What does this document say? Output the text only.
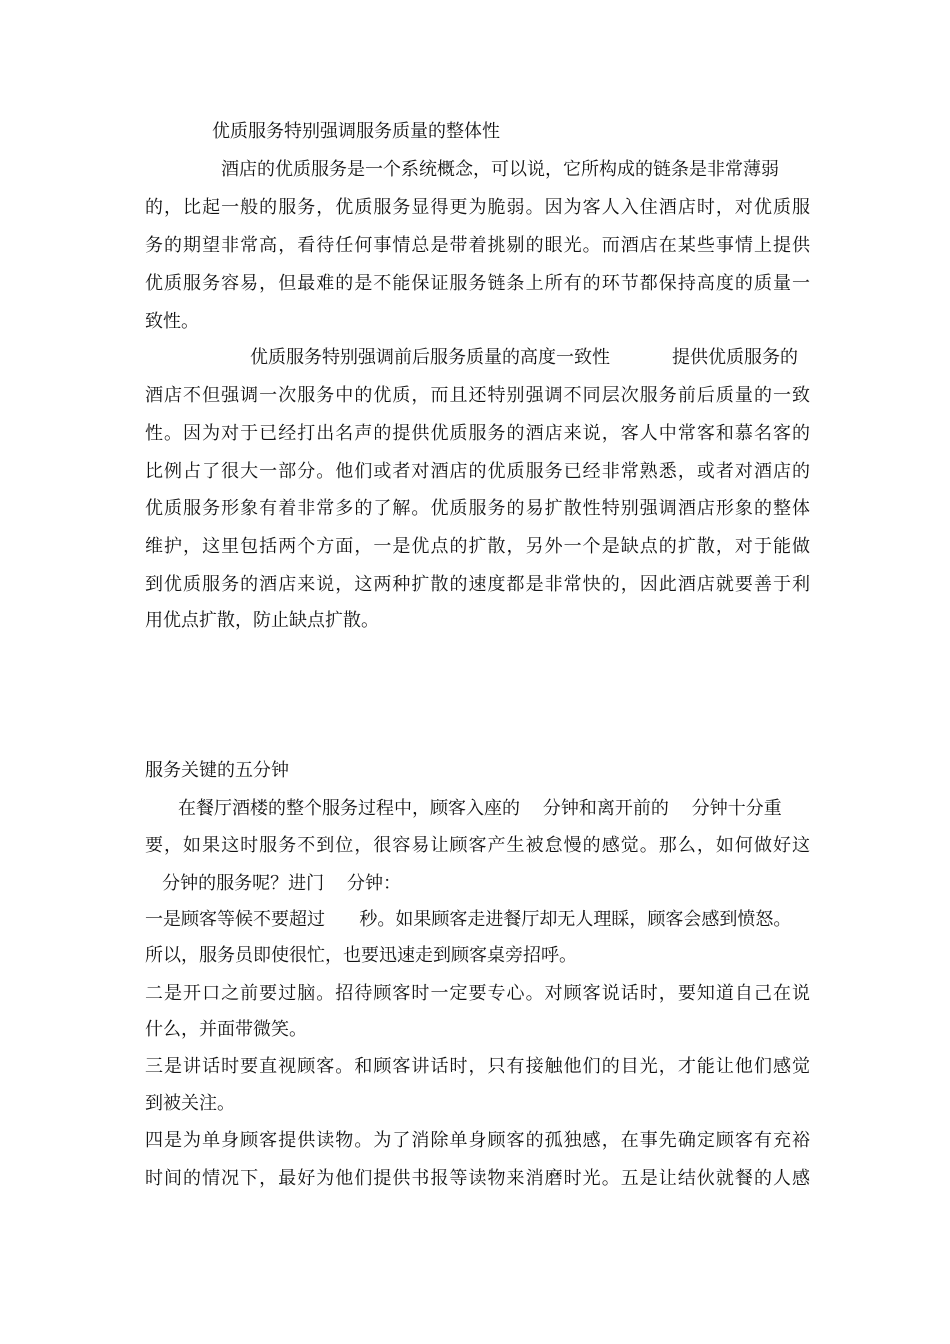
优质服务特别强调服务质量的整体性
酒店的优质服务是一个系统概念，可以说，它所构成的链条是非常薄弱
的，比起一般的服务，优质服务显得更为脆弱。因为客人入住酒店时，对优质服
务的期望非常高，看待任何事情总是带着挑剔的眼光。而酒店在某些事情上提供
优质服务容易，但最难的是不能保证服务链条上所有的环节都保持高度的质量一
致性。
优质服务特别强调前后服务质量的高度一致性	提供优质服务的
酒店不但强调一次服务中的优质，而且还特别强调不同层次服务前后质量的一致
性。因为对于已经打出名声的提供优质服务的酒店来说，客人中常客和慕名客的
比例占了很大一部分。他们或者对酒店的优质服务已经非常熟悉，或者对酒店的
优质服务形象有着非常多的了解。优质服务的易扩散性特别强调酒店形象的整体
维护，这里包括两个方面，一是优点的扩散，另外一个是缺点的扩散，对于能做
到优质服务的酒店来说，这两种扩散的速度都是非常快的，因此酒店就要善于利
用优点扩散，防止缺点扩散。
服务关键的五分钟
在餐厅酒楼的整个服务过程中，顾客入座的    分钟和离开前的    分钟十分重
要，如果这时服务不到位，很容易让顾客产生被怠慢的感觉。那么，如何做好这
分钟的服务呢？进门    分钟：
一是顾客等候不要超过      秒。如果顾客走进餐厅却无人理睬，顾客会感到愤怒。
所以，服务员即使很忙，也要迅速走到顾客桌旁招呼。
二是开口之前要过脑。招待顾客时一定要专心。对顾客说话时，要知道自己在说
什么，并面带微笑。
三是讲话时要直视顾客。和顾客讲话时，只有接触他们的目光，才能让他们感觉
到被关注。
四是为单身顾客提供读物。为了消除单身顾客的孤独感，在事先确定顾客有充裕
时间的情况下，最好为他们提供书报等读物来消磨时光。五是让结伙就餐的人感
